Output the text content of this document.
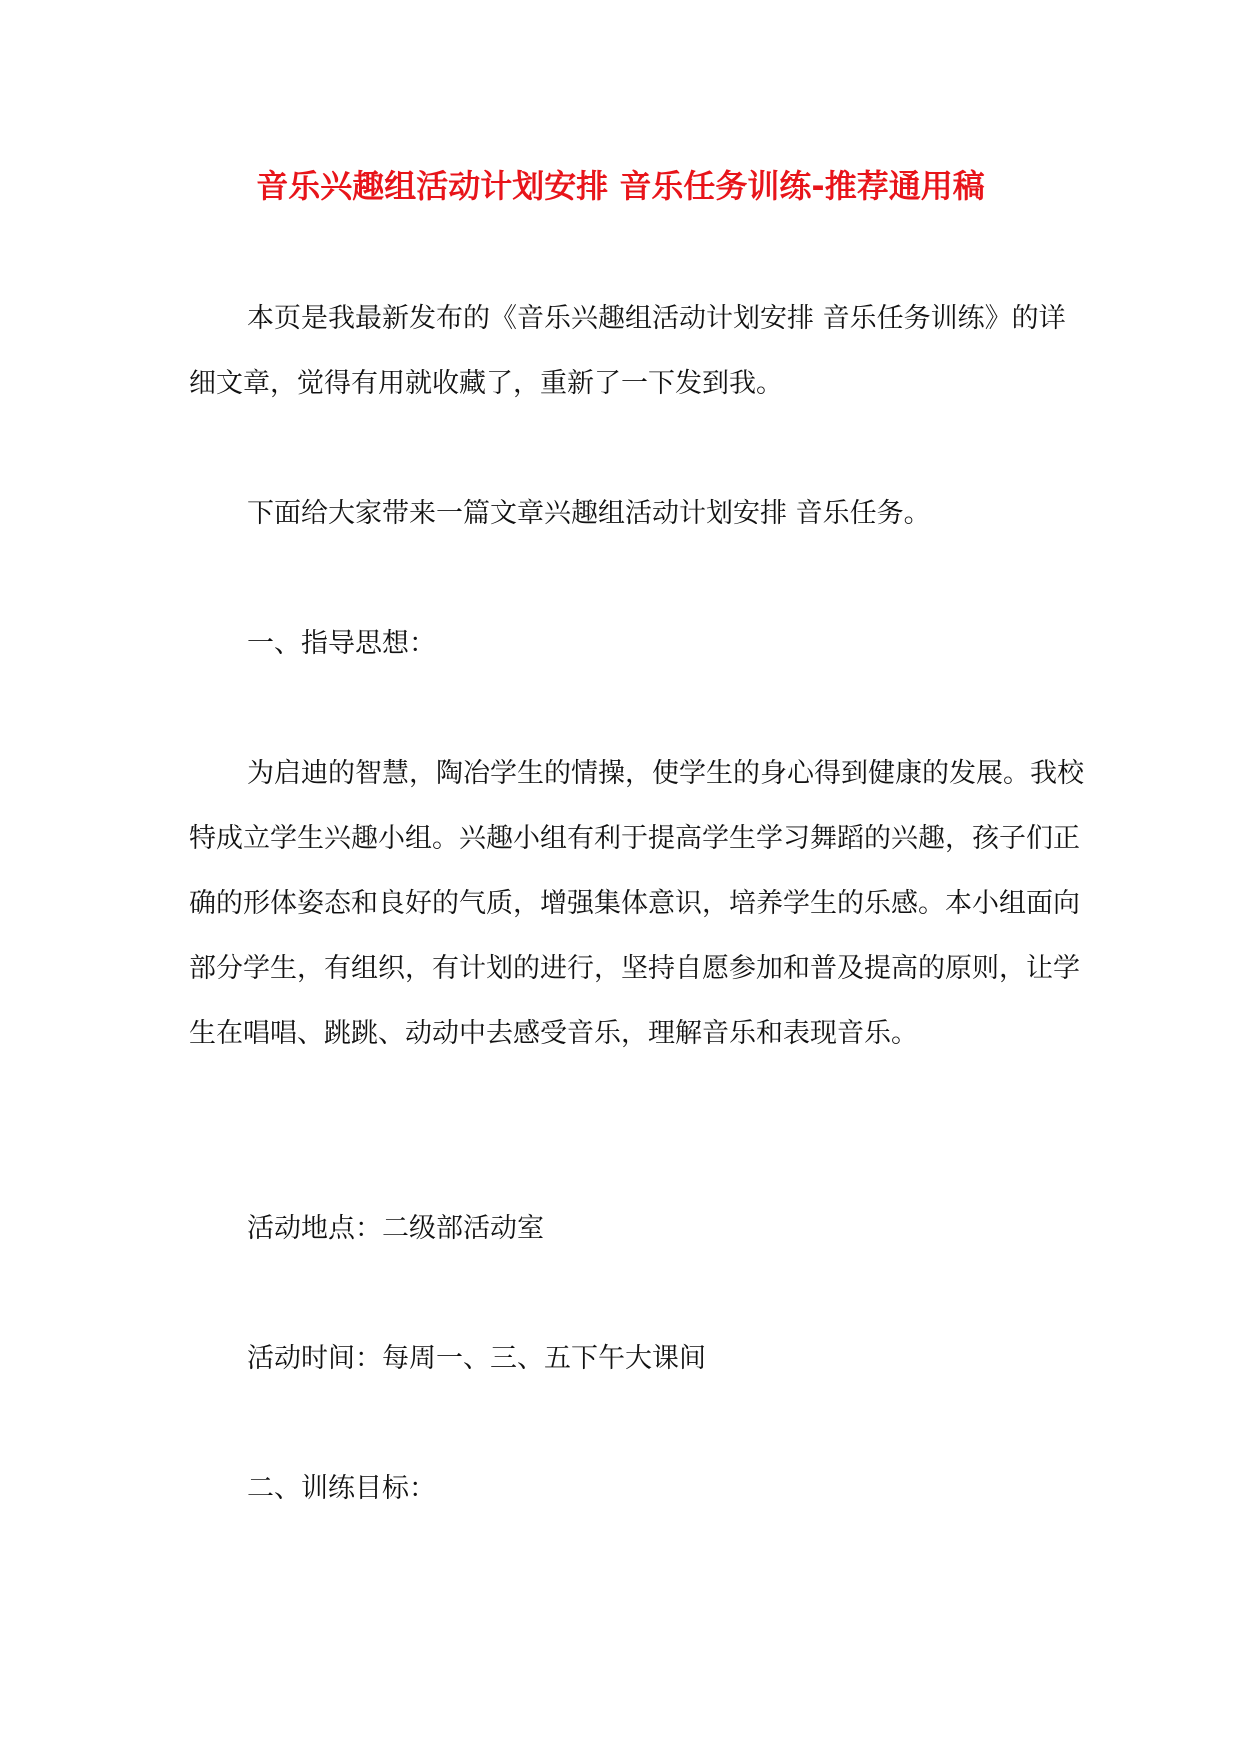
音乐兴趣组活动计划安排 音乐任务训练-推荐通用稿

本页是我最新发布的《音乐兴趣组活动计划安排 音乐任务训练》的详细文章，觉得有用就收藏了，重新了一下发到我。

下面给大家带来一篇文章兴趣组活动计划安排 音乐任务。

一、指导思想：

为启迪的智慧，陶冶学生的情操，使学生的身心得到健康的发展。我校特成立学生兴趣小组。兴趣小组有利于提高学生学习舞蹈的兴趣，孩子们正确的形体姿态和良好的气质，增强集体意识，培养学生的乐感。本小组面向部分学生，有组织，有计划的进行，坚持自愿参加和普及提高的原则，让学生在唱唱、跳跳、动动中去感受音乐，理解音乐和表现音乐。

活动地点：二级部活动室

活动时间：每周一、三、五下午大课间

二、训练目标：
